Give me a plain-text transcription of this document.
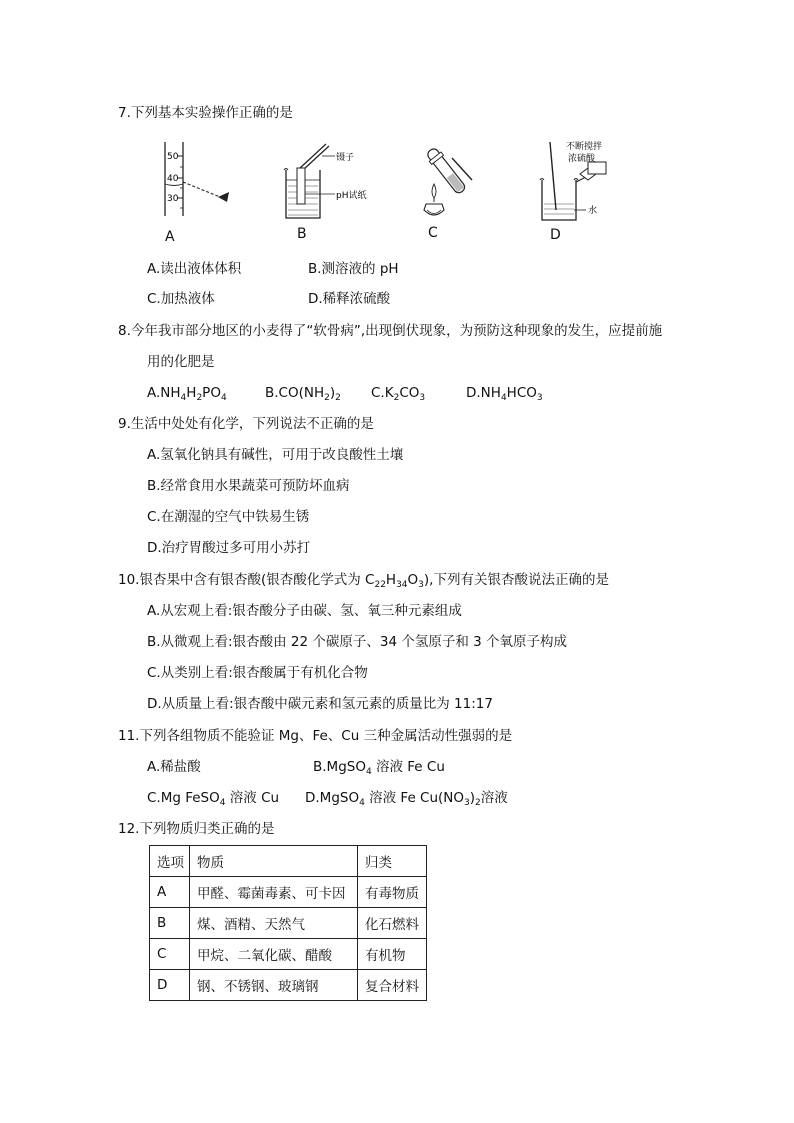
7.下列基本实验操作正确的是
50
40
30
A
镊子
pH试纸
B	C
不断搅拌
浓硫酸
水
D
A.读出液体体积	B.测溶液的 pH
C.加热液体	D.稀释浓硫酸
8.今年我市部分地区的小麦得了“软骨病”,出现倒伏现象，为预防这种现象的发生，应提前施
用的化肥是
$A.NH_4H_2PO_4$	$B.CO(NH_2)_2$ $C.K_2CO_3$	$D.NH_4HCO_3$
9.生活中处处有化学，下列说法不正确的是
A.氢氧化钠具有碱性，可用于改良酸性土壤
B.经常食用水果蔬菜可预防坏血病
C.在潮湿的空气中铁易生锈
D.治疗胃酸过多可用小苏打
10.银杏果中含有银杏酸(银杏酸化学式为 $C_{22}H_{34}O_3$),下列有关银杏酸说法正确的是
A.从宏观上看:银杏酸分子由碳、氢、氧三种元素组成
B.从微观上看:银杏酸由 22 个碳原子、34 个氢原子和 3 个氧原子构成
C.从类别上看:银杏酸属于有机化合物
D.从质量上看:银杏酸中碳元素和氢元素的质量比为 11:17
11.下列各组物质不能验证 Mg、Fe、Cu 三种金属活动性强弱的是
A.稀盐酸	B.MgSO$_4$ 溶液 Fe Cu
C.Mg FeSO$_4$ 溶液 Cu D.MgSO$_4$ 溶液 Fe $Cu(NO_3)_2$溶液
12.下列物质归类正确的是
选项	物质	归类
A	甲醛、霉菌毒素、可卡因	有毒物质
B	煤、酒精、天然气	化石燃料
C	甲烷、二氧化碳、醋酸	有机物
D	钢、不锈钢、玻璃钢	复合材料
